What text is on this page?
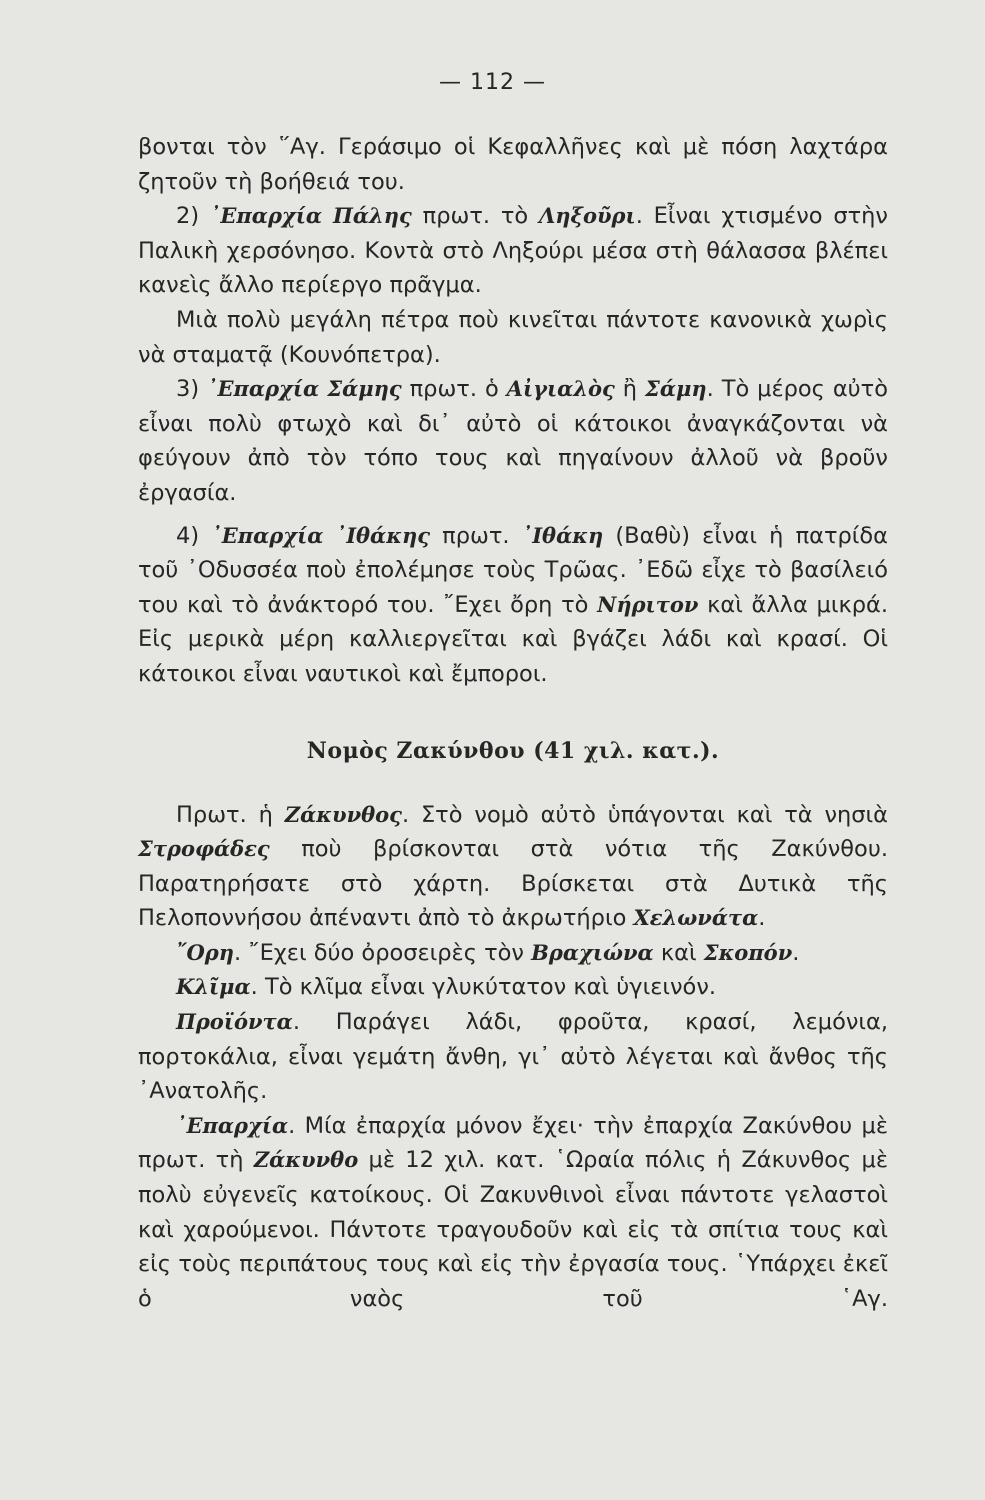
— 112 —

βονται τὸν ῞Αγ. Γεράσιμο οἱ Κεφαλλῆνες καὶ μὲ πόση λαχτάρα ζητοῦν τὴ βοήθειά του.

2) ᾿Επαρχία Πάλης πρωτ. τὸ Ληξοῦρι. Εἶναι χτισμένο στὴν Παλικὴ χερσόνησο. Κοντὰ στὸ Ληξούρι μέσα στὴ θάλασσα βλέπει κανεὶς ἄλλο περίεργο πρᾶγμα.

Μιὰ πολὺ μεγάλη πέτρα ποὺ κινεῖται πάντοτε κανονικὰ χωρὶς νὰ σταματᾷ (Κουνόπετρα).

3) ᾿Επαρχία Σάμης πρωτ. ὁ Αἰγιαλὸς ἢ Σάμη. Τὸ μέρος αὐτὸ εἶναι πολὺ φτωχὸ καὶ δι᾿ αὐτὸ οἱ κάτοικοι ἀναγκάζονται νὰ φεύγουν ἀπὸ τὸν τόπο τους καὶ πηγαίνουν ἀλλοῦ νὰ βροῦν ἐργασία.

4) ᾿Επαρχία ᾿Ιθάκης πρωτ. ᾿Ιθάκη (Βαθὺ) εἶναι ἡ πατρίδα τοῦ ᾿Οδυσσέα ποὺ ἐπολέμησε τοὺς Τρῶας. ᾿Εδῶ εἶχε τὸ βασίλειό του καὶ τὸ ἀνάκτορό του. ῎Εχει ὄρη τὸ Νήριτον καὶ ἄλλα μικρά. Εἰς μερικὰ μέρη καλλιεργεῖται καὶ βγάζει λάδι καὶ κρασί. Οἱ κάτοικοι εἶναι ναυτικοὶ καὶ ἔμποροι.

Νομὸς Ζακύνθου (41 χιλ. κατ.).

Πρωτ. ἡ Ζάκυνθος. Στὸ νομὸ αὐτὸ ὑπάγονται καὶ τὰ νησιὰ Στροφάδες ποὺ βρίσκονται στὰ νότια τῆς Ζακύνθου. Παρατηρήσατε στὸ χάρτη. Βρίσκεται στὰ Δυτικὰ τῆς Πελοποννήσου ἀπέναντι ἀπὸ τὸ ἀκρωτήριο Χελωνάτα.

῎Ορη. ῎Εχει δύο ὀροσειρὲς τὸν Βραχιώνα καὶ Σκοπόν.

Κλῖμα. Τὸ κλῖμα εἶναι γλυκύτατον καὶ ὑγιεινόν.

Προϊόντα. Παράγει λάδι, φροῦτα, κρασί, λεμόνια, πορτοκάλια, εἶναι γεμάτη ἄνθη, γι᾿ αὐτὸ λέγεται καὶ ἄνθος τῆς ᾿Ανατολῆς.

᾿Επαρχία. Μία ἐπαρχία μόνον ἔχει· τὴν ἐπαρχία Ζακύνθου μὲ πρωτ. τὴ Ζάκυνθο μὲ 12 χιλ. κατ. ῾Ωραία πόλις ἡ Ζάκυνθος μὲ πολὺ εὐγενεῖς κατοίκους. Οἱ Ζακυνθινοὶ εἶναι πάντοτε γελαστοὶ καὶ χαρούμενοι. Πάντοτε τραγουδοῦν καὶ εἰς τὰ σπίτια τους καὶ εἰς τοὺς περιπάτους τους καὶ εἰς τὴν ἐργασία τους. ῾Υπάρχει ἐκεῖ ὁ ναὸς τοῦ ῾Αγ.
